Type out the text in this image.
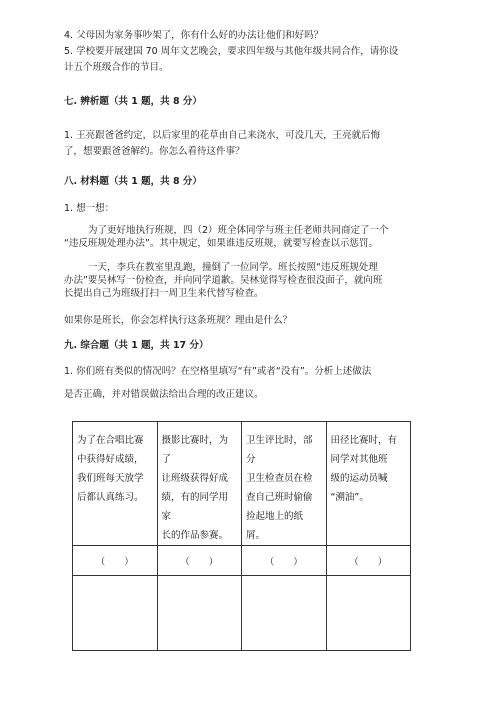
4. 父母因为家务事吵架了，你有什么好的办法让他们和好吗？
5. 学校要开展建国 70 周年文艺晚会，要求四年级与其他年级共同合作，请你设
计五个班级合作的节目。
七. 辨析题（共 1 题，共 8 分）
1. 王亮跟爸爸约定，以后家里的花草由自己来浇水，可没几天，王亮就后悔
了，想要跟爸爸解约。你怎么看待这件事？
八. 材料题（共 1 题，共 8 分）
1. 想一想：
为了更好地执行班规，四（2）班全体同学与班主任老师共同商定了一个
“违反班规处理办法”。其中规定，如果谁违反班规，就要写检查以示惩罚。
一天，李兵在教室里乱跑，撞倒了一位同学。班长按照“违反班规处理
办法”要吴林写一份检查，并向同学道歉。吴林觉得写检查很没面子，就向班
长提出自己为班级打扫一周卫生来代替写检查。
如果你是班长，你会怎样执行这条班规？理由是什么？
九. 综合题（共 1 题，共 17 分）
1. 你们班有类似的情况吗？在空格里填写“有”或者“没有”。分析上述做法
是否正确，并对错误做法给出合理的改正建议。
为了在合唱比赛
中获得好成绩，
我们班每天放学
后都认真练习。	摄影比赛时，为了
让班级获得好成
绩，有的同学用家
长的作品参赛。	卫生评比时，部分
卫生检查员在检
查自己班时偷偷
捡起地上的纸屑。	田径比赛时，有
同学对其他班
级的运动员喊
“溯油”。

（　　）	（　　）	（　　）	（　　）
